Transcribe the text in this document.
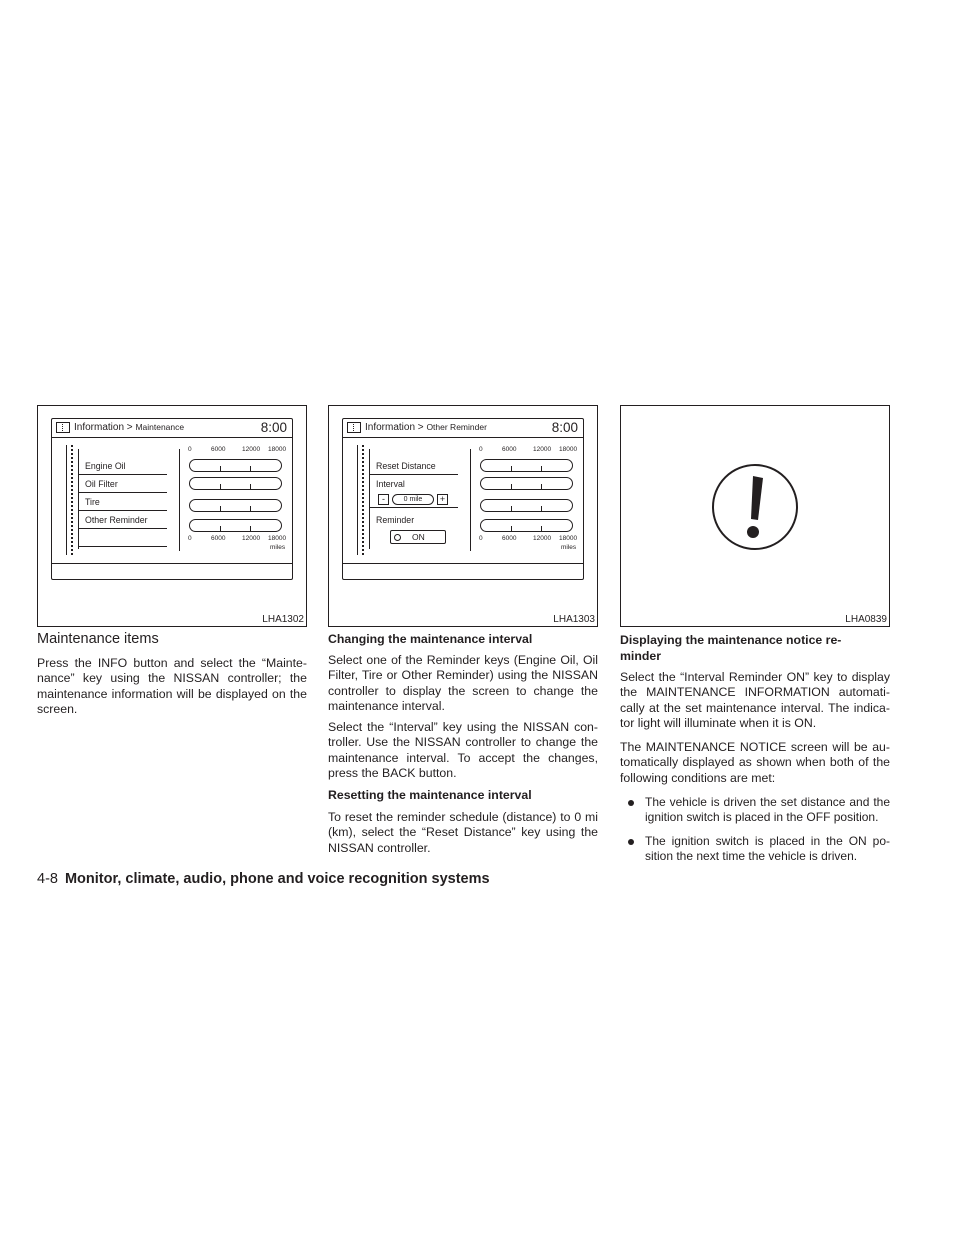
Information > Maintenance	8:00
Engine Oil
Oil Filter
Tire
Other Reminder
0	6000	12000 18000
0	6000	12000 18000
miles
LHA1302
Information > Other Reminder	8:00
Reset Distance
Interval
-	0 mile	+
Reminder
ON
0	6000	12000 18000
0	6000	12000 18000
miles
LHA1303	LHA0839
Maintenance items
Press the INFO button and select the “Mainte-nance” key using the NISSAN controller; the maintenance information will be displayed on the screen.
Changing the maintenance interval
Select one of the Reminder keys (Engine Oil, Oil Filter, Tire or Other Reminder) using the NISSAN controller to display the screen to change the maintenance interval.
Select the “Interval” key using the NISSAN con-troller. Use the NISSAN controller to change the maintenance interval. To accept the changes, press the BACK button.
Resetting the maintenance interval
To reset the reminder schedule (distance) to 0 mi (km), select the “Reset Distance” key using the NISSAN controller.
Displaying the maintenance notice re-minder
Select the “Interval Reminder ON” key to display the MAINTENANCE INFORMATION automati-cally at the set maintenance interval. The indica-tor light will illuminate when it is ON.
The MAINTENANCE NOTICE screen will be au-tomatically displayed as shown when both of the following conditions are met:
The vehicle is driven the set distance and the ignition switch is placed in the OFF position.
The ignition switch is placed in the ON po-sition the next time the vehicle is driven.
4-8 Monitor, climate, audio, phone and voice recognition systems
